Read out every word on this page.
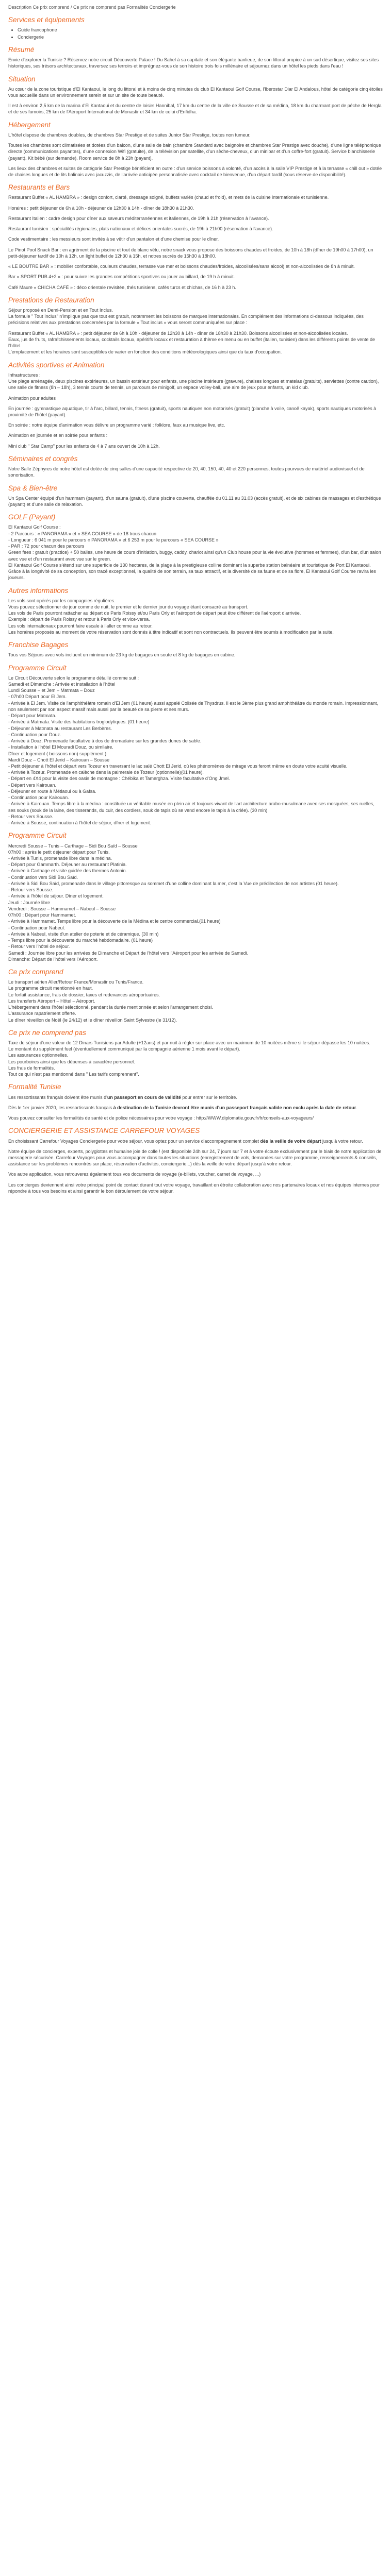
Description Ce prix comprend / Ce prix ne comprend pas Formalités Conciergerie
Services et équipements
• Guide francophone
• Conciergerie
Résumé

Envie d'explorer la Tunisie ? Réservez notre circuit Découverte Palace ! Du Sahel à sa capitale et son élégante banlieue, de son littoral propice à un sud désertique, visitez ses sites historiques, ses trésors architecturaux, traversez ses terroirs et imprégnez-vous de son histoire trois fois millénaire et séjournez dans un hôtel les pieds dans l'eau !

Situation

Au cœur de la zone touristique d'El Kantaoui, le long du littoral et à moins de cinq minutes du club El Kantaoui Golf Course, l'Iberostar Diar El Andalous, hôtel de catégorie cinq étoiles vous accueille dans un environnement serein et sur un site de toute beauté.

Il est à environ 2,5 km de la marina d'El Kantaoui et du centre de loisirs Hannibal, 17 km du centre de la ville de Sousse et de sa médina, 18 km du charmant port de pêche de Hergla et de ses fumoirs, 25 km de l'Aéroport International de Monastir et 34 km de celui d'Enfidha.

Hébergement

L'hôtel dispose de chambres doubles, de chambres Star Prestige et de suites Junior Star Prestige, toutes non fumeur.

Toutes les chambres sont climatisées et dotées d'un balcon, d'une salle de bain (chambre Standard avec baignoire et chambres Star Prestige avec douche), d'une ligne téléphonique directe (communications payantes), d'une connexion Wifi (gratuite), de la télévision par satellite, d'un sèche-cheveux, d'un minibar et d'un coffre-fort (gratuit). Service blanchisserie (payant). Kit bébé (sur demande). Room service de 8h à 23h (payant).

Les lieux des chambres et suites de catégorie Star Prestige bénéficient en outre : d'un service boissons à volonté, d'un accès à la salle VIP Prestige et à la terrasse « chill out » dotée de chaises longues et de lits balinais avec jacuzzis, de l'arrivée anticipée personnalisée avec cocktail de bienvenue, d'un départ tardif (sous réserve de disponibilité).

Restaurants et Bars

Restaurant Buffet « AL HAMBRA » : design confort, clarté, dressage soigné, buffets variés (chaud et froid), et mets de la cuisine internationale et tunisienne.

Horaires : petit déjeuner de 6h à 10h - déjeuner de 12h30 à 14h - dîner de 18h30 à 21h30.

Restaurant Italien : cadre design pour dîner aux saveurs méditerranéennes et italiennes, de 19h à 21h (réservation à l'avance).

Restaurant tunisien : spécialités régionales, plats nationaux et délices orientales sucrés, de 19h à 21h00 (réservation à l'avance).

Code vestimentaire : les messieurs sont invités à se vêtir d'un pantalon et d'une chemise pour le dîner.

Le Pinot Pool Snack Bar : en agrément de la piscine et tout de blanc vêtu, notre snack vous propose des boissons chaudes et froides, de 10h à 18h (dîner de 19h00 à 17h00), un petit-déjeuner tardif de 10h à 12h, un light buffet de 12h30 à 15h, et notres sucrés de 15h30 à 18h00.

« LE BOUTRE BAR » : mobilier confortable, couleurs chaudes, terrasse vue mer et boissons chaudes/froides, alcoolisées/sans alcool) et non-alcoolisées de 8h à minuit.

Bar « SPORT PUB 4+2 » : pour suivre les grandes compétitions sportives ou jouer au billard, de 19 h à minuit.

Café Maure « CHICHA CAFÉ » : déco orientale revisitée, thés tunisiens, cafés turcs et chichas, de 16 h à 23 h.

Prestations de Restauration

Séjour proposé en Demi-Pension et en Tout Inclus.

La formule " Tout Inclus" n'implique pas que tout est gratuit, notamment les boissons de marques internationales. En complément des informations ci-dessous indiquées, des précisions relatives aux prestations concernées par la formule « Tout inclus » vous seront communiquées sur place :

Restaurant Buffet « AL HAMBRA » : petit déjeuner de 6h à 10h - déjeuner de 12h30 à 14h - dîner de 18h30 à 21h30. Boissons alcoolisées et non-alcoolisées locales.

Eaux, jus de fruits, rafraîchissements locaux, cocktails locaux, apéritifs locaux et restauration à thème en menu ou en buffet (italien, tunisien) dans les différents points de vente de l'hôtel.

L'emplacement et les horaires sont susceptibles de varier en fonction des conditions météorologiques ainsi que du taux d'occupation.

Activités sportives et Animation

Infrastructures :

Une plage aménagée, deux piscines extérieures, un bassin extérieur pour enfants, une piscine intérieure (gravure), chaises longues et matelas (gratuits), serviettes (contre caution), une salle de fitness (8h – 18h), 3 tennis courts de tennis, un parcours de minigolf, un espace volley-ball, une aire de jeux pour enfants, un kid club.

Animation pour adultes

En journée : gymnastique aquatique, tir à l'arc, billard, tennis, fitness (gratuit), sports nautiques non motorisés (gratuit) (planche à voile, canoë kayak), sports nautiques motorisés à proximité de l'hôtel (payant).

En soirée : notre équipe d'animation vous délivre un programme varié : folklore, faux au musique live, etc.

Animation en journée et en soirée pour enfants :

Mini club " Star Camp" pour les enfants de 4 à 7 ans ouvert de 10h à 12h.

Séminaires et congrès

Notre Salle Zéphyres de notre hôtel est dotée de cinq salles d'une capacité respective de 20, 40, 150, 40, 40 et 220 personnes, toutes pourvues de matériel audiovisuel et de sonorisation.

Spa & Bien-être

Un Spa Center équipé d'un hammam (payant), d'un sauna (gratuit), d'une piscine couverte, chauffée du 01.11 au 31.03 (accès gratuit), et de six cabines de massages et d'esthétique (payant) et d'une salle de relaxation.

GOLF (Payant)
El Kantaoui Golf Course :
- 2 Parcours : « PANORAMA » et « SEA COURSE » de 18 trous chacun
- Longueur : 6 041 m pour le parcours « PANORAMA » et 6 253 m pour le parcours « SEA COURSE »
- PAR : 72 pour chacun des parcours
Green fees : gratuit (practice) + 50 balles, une heure de cours d'initiation, buggy, caddy, chariot ainsi qu'un Club house pour la vie évolutive (hommes et femmes), d'un bar, d'un salon avec vue et d'un restaurant avec vue sur le green.
El Kantaoui Golf Course s'étend sur une superficie de 130 hectares, de la plage à la prestigieuse colline dominant la superbe station balnéaire et touristique de Port El Kantaoui.
Grâce à la longévité de sa conception, son tracé exceptionnel, la qualité de son terrain, sa taux attractif, et la diversité de sa faune et de sa flore, El Kantaoui Golf Course ravira les joueurs.
Autres informations
Les vols sont opérés par les compagnies régulières.
Vous pouvez sélectionner de jour comme de nuit, le premier et le dernier jour du voyage étant consacré au transport.
Les vols de Paris pourront rattacher au départ de Paris Roissy et/ou Paris Orly et l'aéroport de départ peut être différent de l'aéroport d'arrivée.
Exemple : départ de Paris Roissy et retour à Paris Orly et vice-versa.
Les vols internationaux pourront faire escale à l'aller comme au retour.
Les horaires proposés au moment de votre réservation sont donnés à titre indicatif et sont non contractuels. Ils peuvent être soumis à modification par la suite.
Franchise Bagages

Tous vos Séjours avec vols incluent un minimum de 23 kg de bagages en soute et 8 kg de bagages en cabine.

Programme Circuit
Le Circuit Découverte selon le programme détaillé comme suit :
Samedi et Dimanche : Arrivée et installation à l'hôtel
Lundi Sousse – et Jem – Matmata – Douz
- 07h00 Départ pour El Jem.
- Arrivée à El Jem. Visite de l'amphithéâtre romain d'El Jem (01 heure) aussi appelé Colisée de Thysdrus. Il est le 3ème plus grand amphithéâtre du monde romain. Impressionnant, non seulement par son aspect massif mais aussi par la beauté de sa pierre et ses murs.
- Départ pour Matmata.
- Arrivée à Matmata. Visite des habitations troglodytiques. (01 heure)
- Déjeuner à Matmata au restaurant Les Berbères.
- Continuation pour Douz.
- Arrivée à Douz. Promenade facultative à dos de dromadaire sur les grandes dunes de sable.
- Installation à l'hôtel El Mouradi Douz, ou similaire.
Dîner et logement ( boissons non) supplément )
Mardi Douz – Chott El Jerid – Kairouan – Sousse
- Petit déjeuner à l'hôtel et départ vers Tozeur en traversant le lac salé Chott El Jerid, où les phénomènes de mirage vous feront même en doute votre acuité visuelle.
- Arrivée à Tozeur. Promenade en calèche dans la palmeraie de Tozeur (optionnelle)(01 heure).
- Départ en 4X4 pour la visite des oasis de montagne : Chébika et Tamerghza. Visite facultative d'Ong Jmel.
- Départ vers Kairouan.
- Déjeuner en route à Métlaoui ou à Gafsa.
- Continuation pour Kairouan.
- Arrivée à Kairouan. Temps libre à la médina : constituée un véritable musée en plein air et toujours vivant de l'art architecture arabo-musulmane avec ses mosquées, ses ruelles, ses souks (souk de la laine, des tisserands, du cuir, des cordiers, souk de tapis où se vend encore le tapis à la criée). (30 min)
- Retour vers Sousse.
- Arrivée à Sousse, continuation à l'hôtel de séjour, dîner et logement.
Programme Circuit
Mercredi Sousse – Tunis – Carthage – Sidi Bou Saïd – Sousse
07h00 : après le petit déjeuner départ pour Tunis.
- Arrivée à Tunis, promenade libre dans la médina.
- Départ pour Gammarth. Déjeuner au restaurant Platinia.
- Arrivée à Carthage et visite guidée des thermes Antonin.
- Continuation vers Sidi Bou Saïd.
- Arrivée à Sidi Bou Saïd, promenade dans le village pittoresque au sommet d'une colline dominant la mer, c'est la Vue de prédilection de nos artistes (01 heure).
- Retour vers Sousse.
- Arrivée à l'hôtel de séjour. Dîner et logement.
Jeudi : Journée libre
Vendredi : Sousse – Hammamet – Nabeul – Sousse
07h00 : Départ pour Hammamet.
- Arrivée à Hammamet. Temps libre pour la découverte de la Médina et le centre commercial.(01 heure)
- Continuation pour Nabeul.
- Arrivée à Nabeul, visite d'un atelier de poterie et de céramique. (30 min)
- Temps libre pour la découverte du marché hebdomadaire. (01 heure)
- Retour vers l'hôtel de séjour.
Samedi : Journée libre pour les arrivées de Dimanche et Départ de l'hôtel vers l'Aéroport pour les arrivée de Samedi.
Dimanche: Départ de l'hôtel vers l'Aéroport.
Ce prix comprend
Le transport aérien Aller/Retour France/Monastir ou Tunis/France.
Le programme circuit mentionné en haut.
Le forfait assistance, frais de dossier, taxes et redevances aéroportuaires.
Les transferts Aéroport – Hôtel – Aéroport.
L'hébergement dans l'hôtel sélectionné, pendant la durée mentionnée et selon l'arrangement choisi.
L'assurance rapatriement offerte.
Le dîner réveillon de Noël (le 24/12) et le dîner réveillon Saint Sylvestre (le 31/12).
Ce prix ne comprend pas
Taxe de séjour d'une valeur de 12 Dinars Tunisiens par Adulte (+12ans) et par nuit à régler sur place avec un maximum de 10 nuitées même si le séjour dépasse les 10 nuitées.
Le montant du supplément fuel (éventuellement communiqué par la compagnie aérienne 1 mois avant le départ).
Les assurances optionnelles.
Les pourboires ainsi que les dépenses à caractère personnel.
Les frais de formalités.
Tout ce qui n'est pas mentionné dans " Les tarifs comprennent".
Formalité Tunisie

Les ressortissants français doivent être munis d'un passeport en cours de validité pour entrer sur le territoire.

Dès le 1er janvier 2020, les ressortissants français à destination de la Tunisie devront être munis d'un passeport français valide non exclu après la date de retour.

Vous pouvez consulter les formalités de santé et de police nécessaires pour votre voyage : http://WWW.diplomatie.gouv.fr/fr/conseils-aux-voyageurs/

CONCIERGERIE ET ASSISTANCE CARREFOUR VOYAGES

En choisissant Carrefour Voyages Conciergerie pour votre séjour, vous optez pour un service d'accompagnement complet dès la veille de votre départ jusqu'à votre retour.

Notre équipe de concierges, experts, polyglottes et humaine joie de colle ! (est disponible 24h sur 24, 7 jours sur 7 et à votre écoute exclusivement par le biais de notre application de messagerie sécurisée. Carrefour Voyages pour vous accompagner dans toutes les situations (enregistrement de vols, demandes sur votre programme, renseignements & conseils, assistance sur les problèmes rencontrés sur place, réservation d'activités, conciergerie...) dès la veille de votre départ jusqu'à votre retour.

Vos autre application, vous retrouverez également tous vos documents de voyage (e-billets, voucher, carnet de voyage, ...)

Les concierges deviennent ainsi votre principal point de contact durant tout votre voyage, travaillant en étroite collaboration avec nos partenaires locaux et nos équipes internes pour répondre à tous vos besoins et ainsi garantir le bon déroulement de votre séjour.
